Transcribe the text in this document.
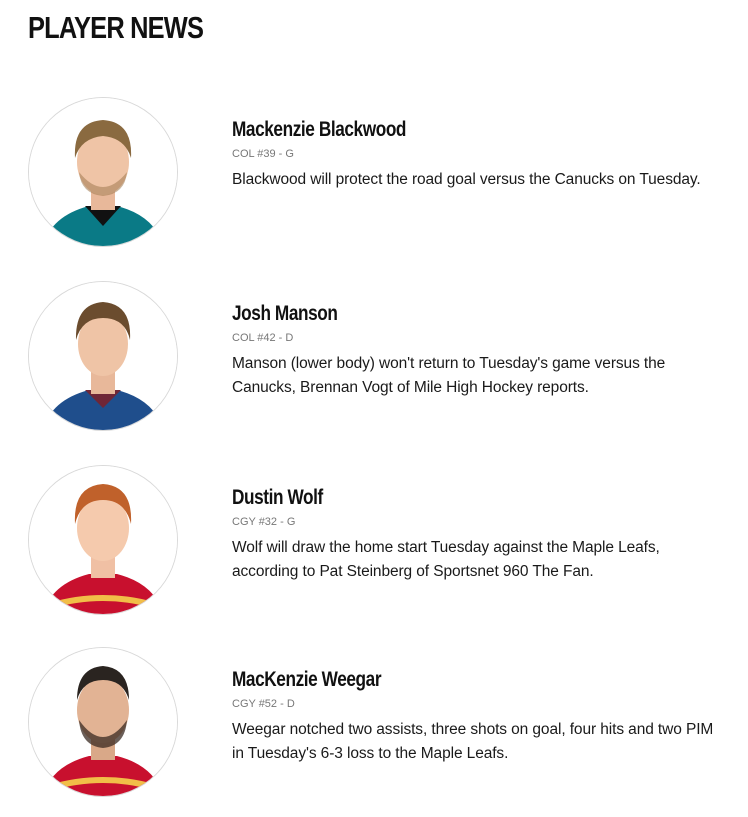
PLAYER NEWS
Mackenzie Blackwood
COL #39 - G
Blackwood will protect the road goal versus the Canucks on Tuesday.
Josh Manson
COL #42 - D
Manson (lower body) won't return to Tuesday's game versus the Canucks, Brennan Vogt of Mile High Hockey reports.
Dustin Wolf
CGY #32 - G
Wolf will draw the home start Tuesday against the Maple Leafs, according to Pat Steinberg of Sportsnet 960 The Fan.
MacKenzie Weegar
CGY #52 - D
Weegar notched two assists, three shots on goal, four hits and two PIM in Tuesday's 6-3 loss to the Maple Leafs.
